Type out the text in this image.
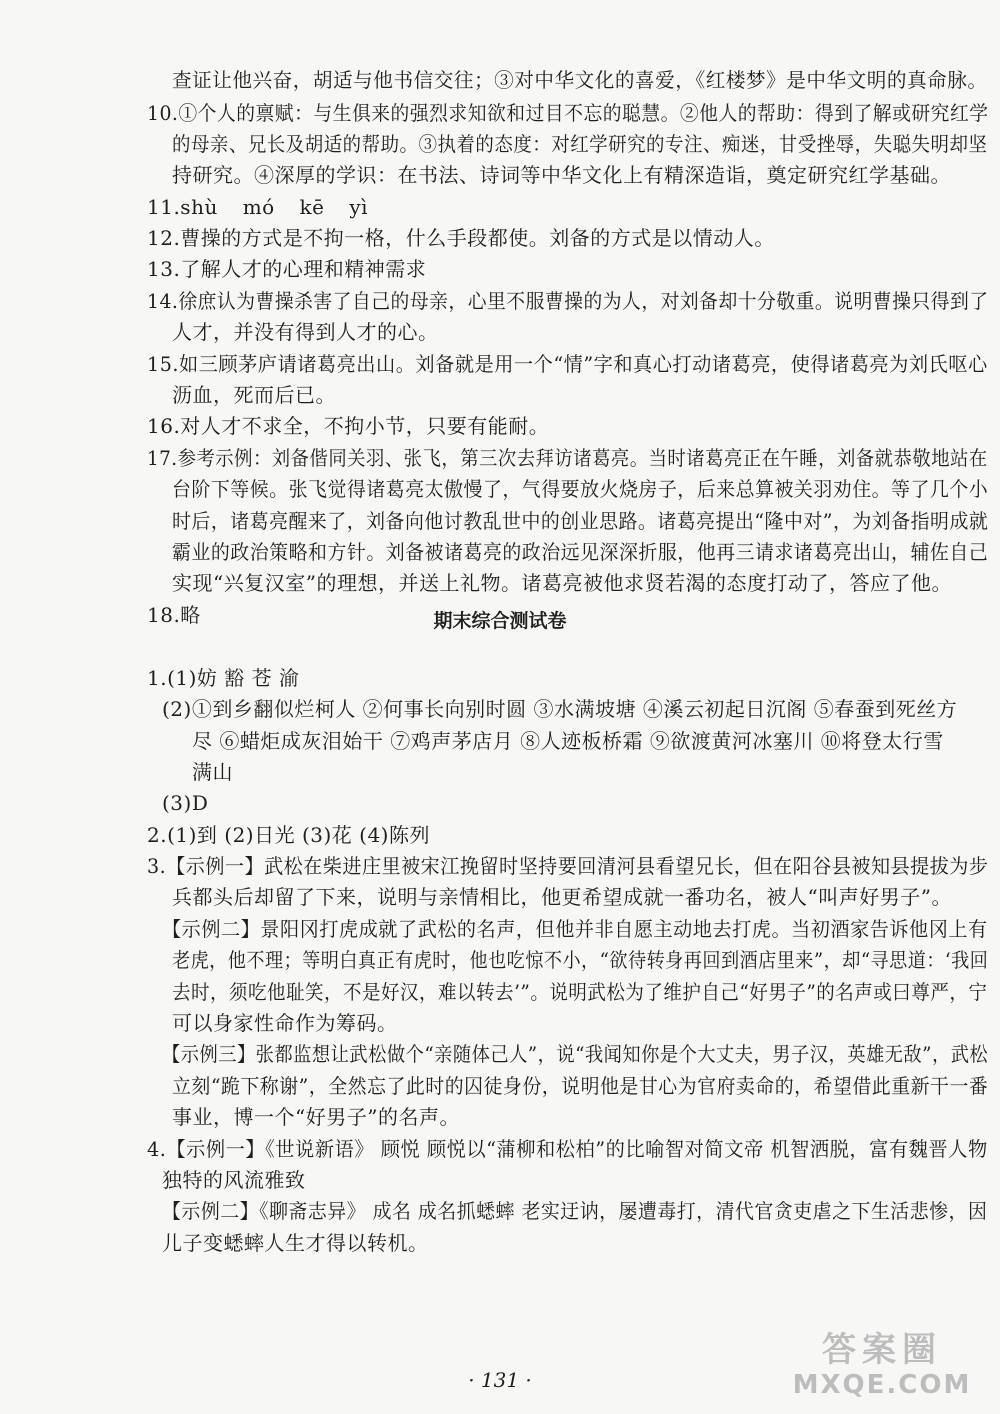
查证让他兴奋，胡适与他书信交往；③对中华文化的喜爱，《红楼梦》是中华文明的真命脉。
10.①个人的禀赋：与生俱来的强烈求知欲和过目不忘的聪慧。②他人的帮助：得到了解或研究红学
的母亲、兄长及胡适的帮助。③执着的态度：对红学研究的专注、痴迷，甘受挫辱，失聪失明却坚
持研究。④深厚的学识：在书法、诗词等中华文化上有精深造诣，奠定研究红学基础。
11.shù mó kē yì
12.曹操的方式是不拘一格，什么手段都使。刘备的方式是以情动人。
13.了解人才的心理和精神需求
14.徐庶认为曹操杀害了自己的母亲，心里不服曹操的为人，对刘备却十分敬重。说明曹操只得到了
人才，并没有得到人才的心。
15.如三顾茅庐请诸葛亮出山。刘备就是用一个“情”字和真心打动诸葛亮，使得诸葛亮为刘氏呕心
沥血，死而后已。
16.对人才不求全，不拘小节，只要有能耐。
17.参考示例：刘备偕同关羽、张飞，第三次去拜访诸葛亮。当时诸葛亮正在午睡，刘备就恭敬地站在
台阶下等候。张飞觉得诸葛亮太傲慢了，气得要放火烧房子，后来总算被关羽劝住。等了几个小
时后，诸葛亮醒来了，刘备向他讨教乱世中的创业思路。诸葛亮提出“隆中对”，为刘备指明成就
霸业的政治策略和方针。刘备被诸葛亮的政治远见深深折服，他再三请求诸葛亮出山，辅佐自己
实现“兴复汉室”的理想，并送上礼物。诸葛亮被他求贤若渴的态度打动了，答应了他。
18.略	期末综合测试卷
1.(1)妨 豁 苍 渝
(2)①到乡翻似烂柯人 ②何事长向别时圆 ③水满坡塘 ④溪云初起日沉阁 ⑤春蚕到死丝方
尽 ⑥蜡炬成灰泪始干 ⑦鸡声茅店月 ⑧人迹板桥霜 ⑨欲渡黄河冰塞川 ⑩将登太行雪
满山
(3)D
2.(1)到 (2)日光 (3)花 (4)陈列
3.【示例一】武松在柴进庄里被宋江挽留时坚持要回清河县看望兄长，但在阳谷县被知县提拔为步
兵都头后却留了下来，说明与亲情相比，他更希望成就一番功名，被人“叫声好男子”。
【示例二】景阳冈打虎成就了武松的名声，但他并非自愿主动地去打虎。当初酒家告诉他冈上有
老虎，他不理；等明白真正有虎时，他也吃惊不小，“欲待转身再回到酒店里来”，却“寻思道：‘我回
去时，须吃他耻笑，不是好汉，难以转去’”。说明武松为了维护自己“好男子”的名声或曰尊严，宁
可以身家性命作为筹码。
【示例三】张都监想让武松做个“亲随体己人”，说“我闻知你是个大丈夫，男子汉，英雄无敌”，武松
立刻“跪下称谢”，全然忘了此时的囚徒身份，说明他是甘心为官府卖命的，希望借此重新干一番
事业，博一个“好男子”的名声。
4.【示例一】《世说新语》 顾悦 顾悦以“蒲柳和松柏”的比喻智对简文帝 机智洒脱，富有魏晋人物
独特的风流雅致
【示例二】《聊斋志异》 成名 成名抓蟋蟀 老实迂讷，屡遭毒打，清代官贪吏虐之下生活悲惨，因
儿子变蟋蟀人生才得以转机。
· 131 ·
答案圈
MXQE.COM
